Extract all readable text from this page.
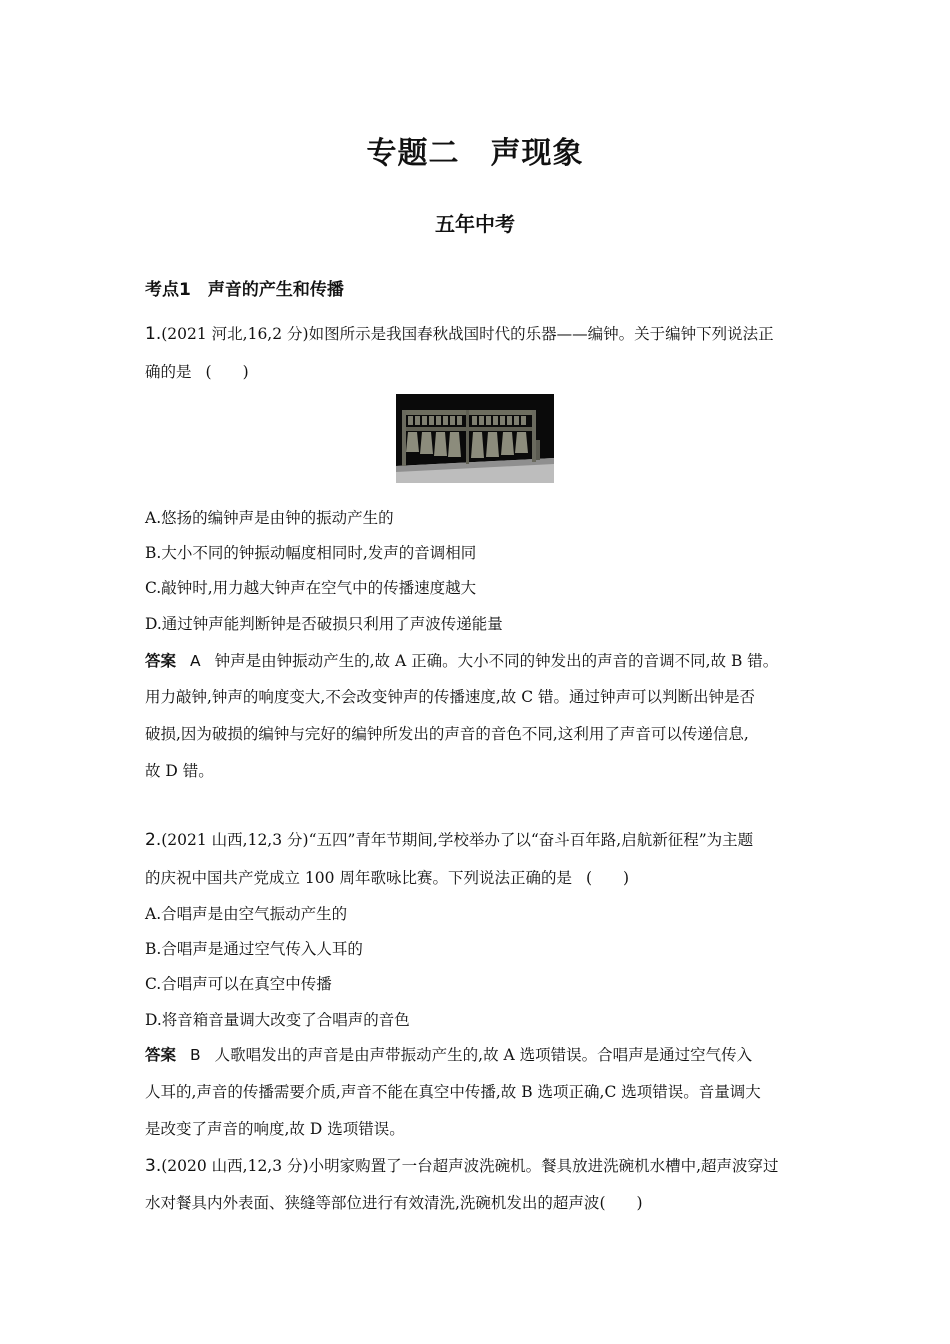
专题二　声现象
五年中考
考点1　声音的产生和传播
1.(2021 河北,16,2 分)如图所示是我国春秋战国时代的乐器——编钟。关于编钟下列说法正
确的是 (　　)
A.悠扬的编钟声是由钟的振动产生的
B.大小不同的钟振动幅度相同时,发声的音调相同
C.敲钟时,用力越大钟声在空气中的传播速度越大
D.通过钟声能判断钟是否破损只利用了声波传递能量
答案 A 钟声是由钟振动产生的,故 A 正确。大小不同的钟发出的声音的音调不同,故 B 错。
用力敲钟,钟声的响度变大,不会改变钟声的传播速度,故 C 错。通过钟声可以判断出钟是否
破损,因为破损的编钟与完好的编钟所发出的声音的音色不同,这利用了声音可以传递信息,
故 D 错。
2.(2021 山西,12,3 分)“五四”青年节期间,学校举办了以“奋斗百年路,启航新征程”为主题
的庆祝中国共产党成立 100 周年歌咏比赛。下列说法正确的是 (　　)
A.合唱声是由空气振动产生的
B.合唱声是通过空气传入人耳的
C.合唱声可以在真空中传播
D.将音箱音量调大改变了合唱声的音色
答案 B 人歌唱发出的声音是由声带振动产生的,故 A 选项错误。合唱声是通过空气传入
人耳的,声音的传播需要介质,声音不能在真空中传播,故 B 选项正确,C 选项错误。音量调大
是改变了声音的响度,故 D 选项错误。
3.(2020 山西,12,3 分)小明家购置了一台超声波洗碗机。餐具放进洗碗机水槽中,超声波穿过
水对餐具内外表面、狭缝等部位进行有效清洗,洗碗机发出的超声波(　　)
